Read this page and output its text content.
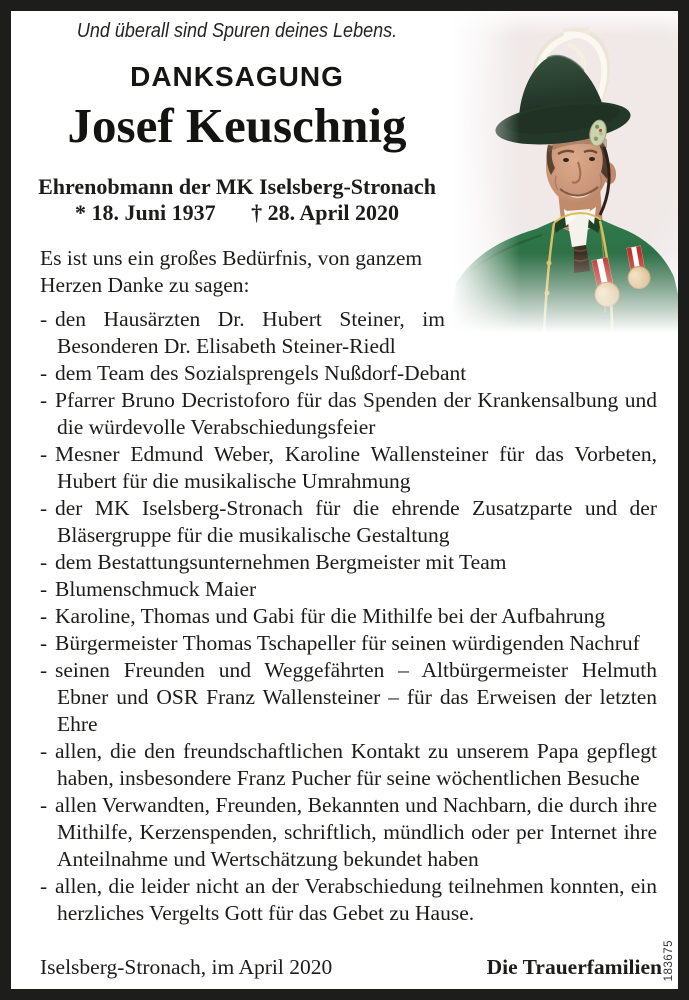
Und überall sind Spuren deines Lebens.
DANKSAGUNG
Josef Keuschnig
Ehrenobmann der MK Iselsberg-Stronach
* 18. Juni 1937 † 28. April 2020

Es ist uns ein großes Bedürfnis, von ganzem Herzen Danke zu sagen:

- den Hausärzten Dr. Hubert Steiner, im Besonderen Dr. Elisabeth Steiner-Riedl
- dem Team des Sozialsprengels Nußdorf-Debant
- Pfarrer Bruno Decristoforo für das Spenden der Krankensalbung und die würdevolle Verabschiedungsfeier
- Mesner Edmund Weber, Karoline Wallensteiner für das Vorbeten, Hubert für die musikalische Umrahmung
- der MK Iselsberg-Stronach für die ehrende Zusatzparte und der Bläsergruppe für die musikalische Gestaltung
- dem Bestattungsunternehmen Bergmeister mit Team
- Blumenschmuck Maier
- Karoline, Thomas und Gabi für die Mithilfe bei der Aufbahrung
- Bürgermeister Thomas Tschapeller für seinen würdigenden Nachruf
- seinen Freunden und Weggefährten – Altbürgermeister Helmuth Ebner und OSR Franz Wallensteiner – für das Erweisen der letzten Ehre
- allen, die den freundschaftlichen Kontakt zu unserem Papa gepflegt haben, insbesondere Franz Pucher für seine wöchentlichen Besuche
- allen Verwandten, Freunden, Bekannten und Nachbarn, die durch ihre Mithilfe, Kerzenspenden, schriftlich, mündlich oder per Internet ihre Anteilnahme und Wertschätzung bekundet haben
- allen, die leider nicht an der Verabschiedung teilnehmen konnten, ein herzliches Vergelts Gott für das Gebet zu Hause.
Iselsberg-Stronach, im April 2020	Die Trauerfamilien 183675
